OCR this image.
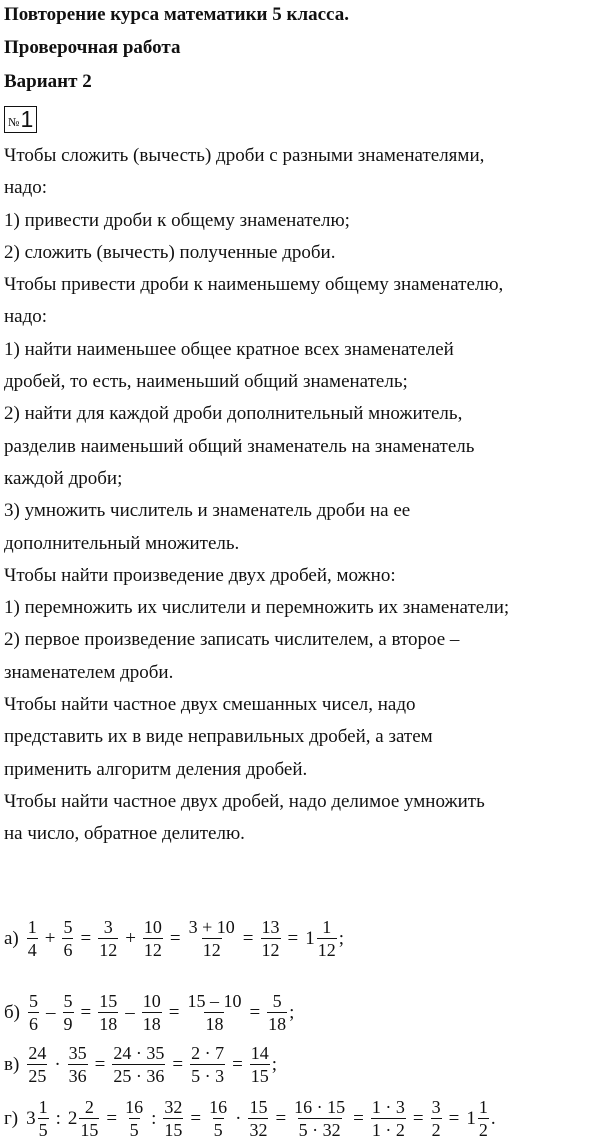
Повторение курса математики 5 класса.

Проверочная работа

Вариант 2

№ 1

Чтобы сложить (вычесть) дроби с разными знаменателями,

надо:

1) привести дроби к общему знаменателю;

2) сложить (вычесть) полученные дроби.

Чтобы привести дроби к наименьшему общему знаменателю,

надо:

1) найти наименьшее общее кратное всех знаменателей

дробей, то есть, наименьший общий знаменатель;

2) найти для каждой дроби дополнительный множитель,

разделив наименьший общий знаменатель на знаменатель

каждой дроби;

3) умножить числитель и знаменатель дроби на ее

дополнительный множитель.

Чтобы найти произведение двух дробей, можно:

1) перемножить их числители и перемножить их знаменатели;

2) первое произведение записать числителем, а второе –

знаменателем дроби.

Чтобы найти частное двух смешанных чисел, надо

представить их в виде неправильных дробей, а затем

применить алгоритм деления дробей.

Чтобы найти частное двух дробей, надо делимое умножить

на число, обратное делителю.

$а) \frac{1}{4} + \frac{5}{6} = \frac{3}{12} + \frac{10}{12} = \frac{3 + 10}{12} = \frac{13}{12} = 1 \frac{1}{12}$ ;
$б) \frac{5}{6} - \frac{5}{9} = \frac{15}{18} - \frac{10}{18} = \frac{15 - 10}{18} = \frac{5}{18}$ ;
$в) \frac{24}{25} \cdot \frac{35}{36} = \frac{24 \cdot 35}{25 \cdot 36} = \frac{2 \cdot 7}{5 \cdot 3} = \frac{14}{15}$ ;
г) $3 \frac{1}{5}$ : $2 \frac{2}{15} = \frac{16}{5}$ : $\frac{32}{15} = \frac{16}{5} \cdot \frac{15}{32} = \frac{16 \cdot 15}{5 \cdot 32} = \frac{1 \cdot 3}{1 \cdot 2} = \frac{3}{2} = 1 \frac{1}{2}$ .
